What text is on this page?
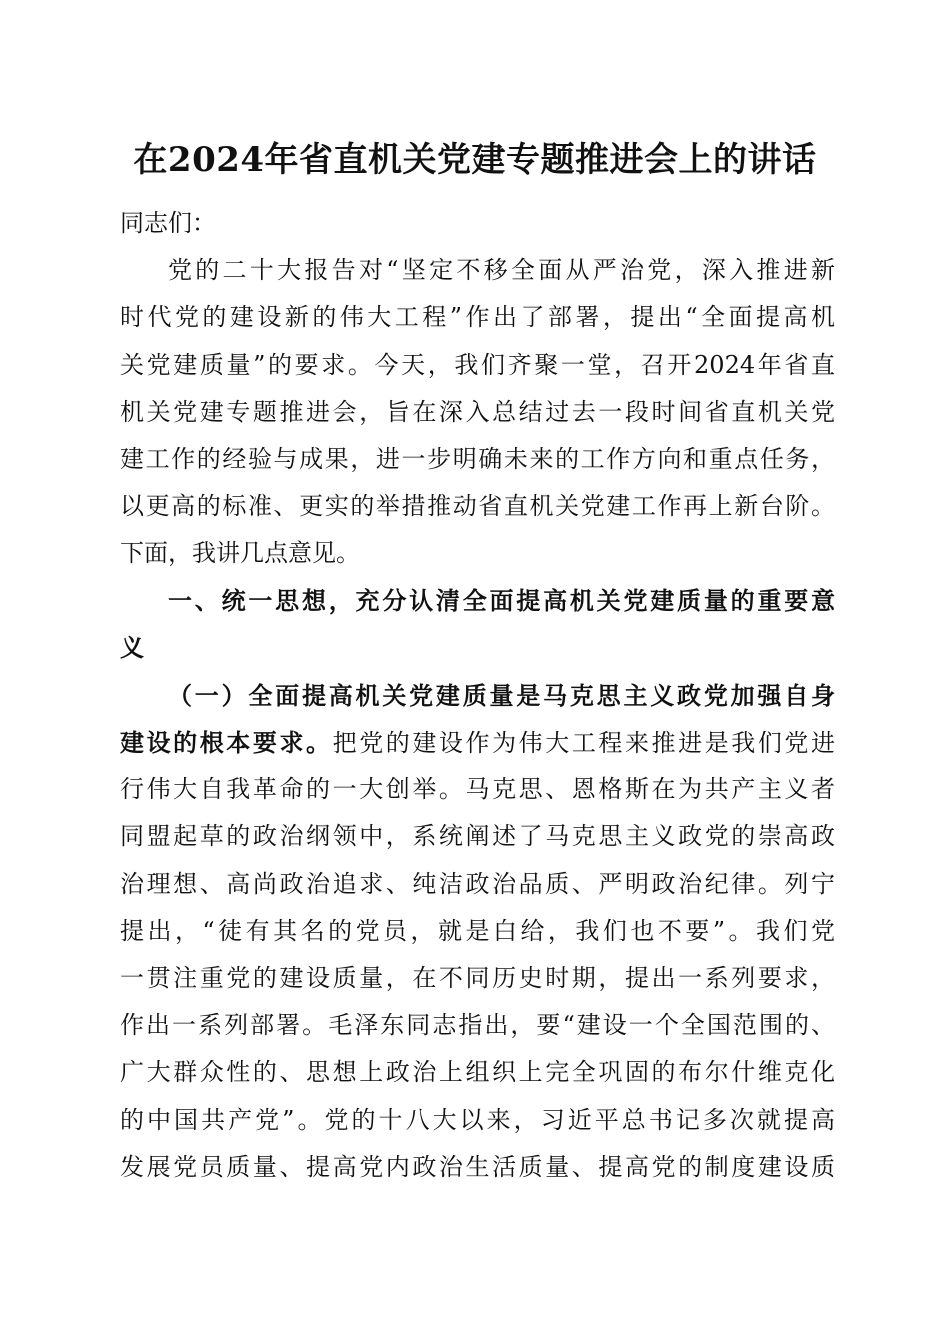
在2024年省直机关党建专题推进会上的讲话
同志们：
党的二十大报告对“坚定不移全面从严治党，深入推进新
时代党的建设新的伟大工程”作出了部署，提出“全面提高机
关党建质量”的要求。今天，我们齐聚一堂，召开2024年省直
机关党建专题推进会，旨在深入总结过去一段时间省直机关党
建工作的经验与成果，进一步明确未来的工作方向和重点任务，
以更高的标准、更实的举措推动省直机关党建工作再上新台阶。
下面，我讲几点意见。
一、统一思想，充分认清全面提高机关党建质量的重要意
义
（一）全面提高机关党建质量是马克思主义政党加强自身
建设的根本要求。把党的建设作为伟大工程来推进是我们党进
行伟大自我革命的一大创举。马克思、恩格斯在为共产主义者
同盟起草的政治纲领中，系统阐述了马克思主义政党的崇高政
治理想、高尚政治追求、纯洁政治品质、严明政治纪律。列宁
提出，“徒有其名的党员，就是白给，我们也不要”。我们党
一贯注重党的建设质量，在不同历史时期，提出一系列要求，
作出一系列部署。毛泽东同志指出，要“建设一个全国范围的、
广大群众性的、思想上政治上组织上完全巩固的布尔什维克化
的中国共产党”。党的十八大以来，习近平总书记多次就提高
发展党员质量、提高党内政治生活质量、提高党的制度建设质
